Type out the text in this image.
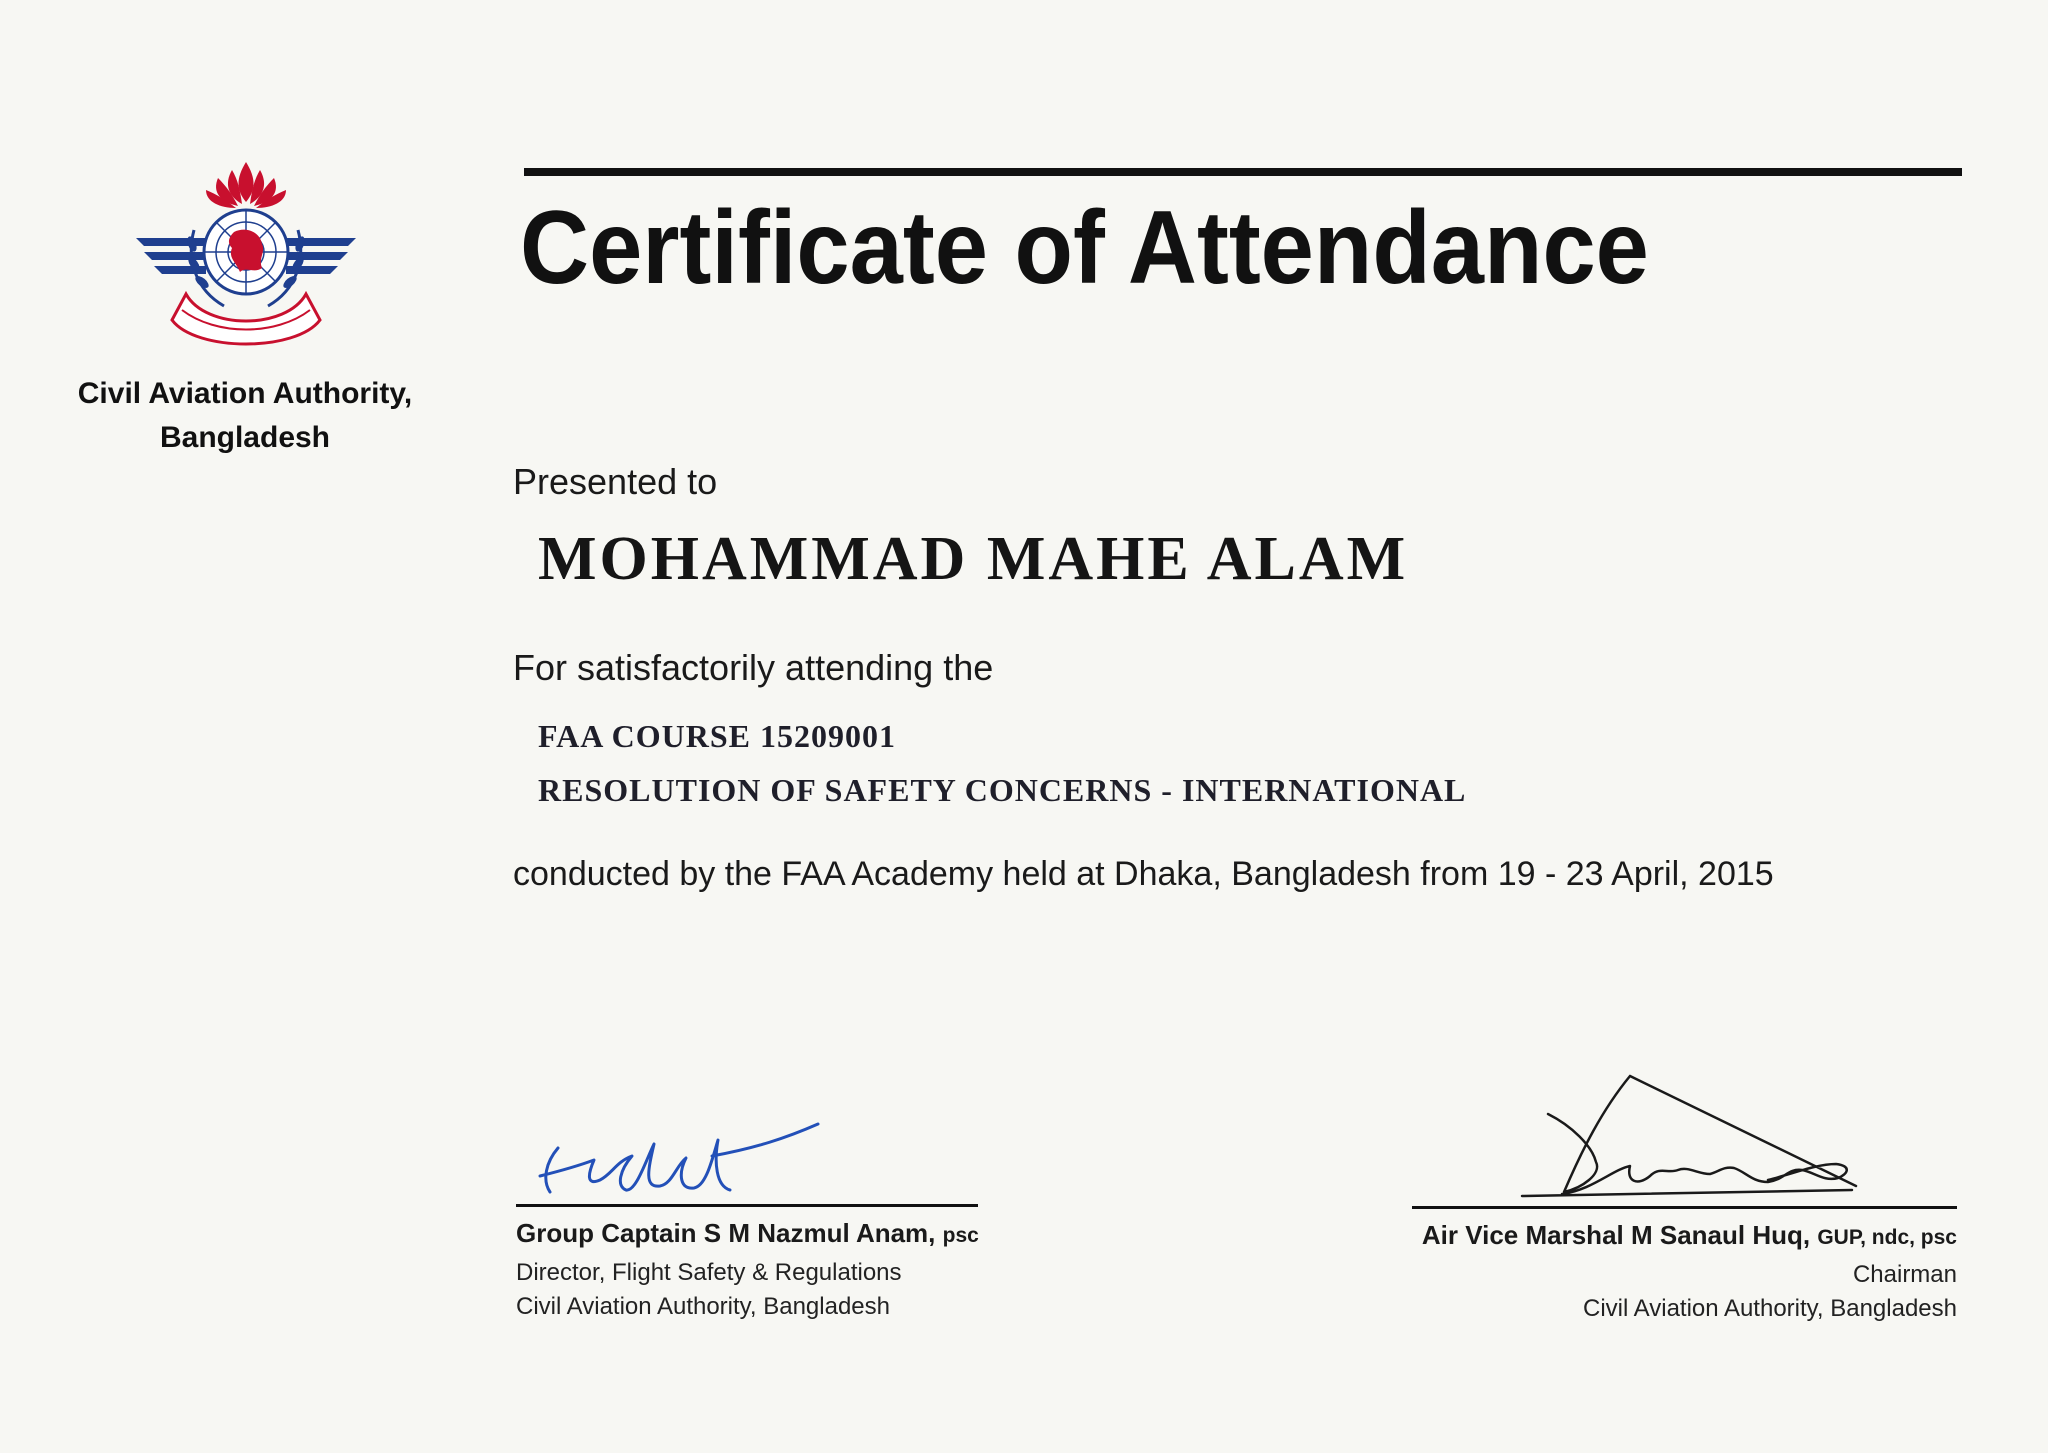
Civil Aviation Authority,
Bangladesh
Certificate of Attendance
Presented to
MOHAMMAD MAHE ALAM
For satisfactorily attending the
FAA COURSE 15209001
RESOLUTION OF SAFETY CONCERNS - INTERNATIONAL
conducted by the FAA Academy held at Dhaka, Bangladesh from 19 - 23 April, 2015
Group Captain S M Nazmul Anam, psc
Director, Flight Safety & Regulations
Civil Aviation Authority, Bangladesh
Air Vice Marshal M Sanaul Huq, GUP, ndc, psc
Chairman
Civil Aviation Authority, Bangladesh
